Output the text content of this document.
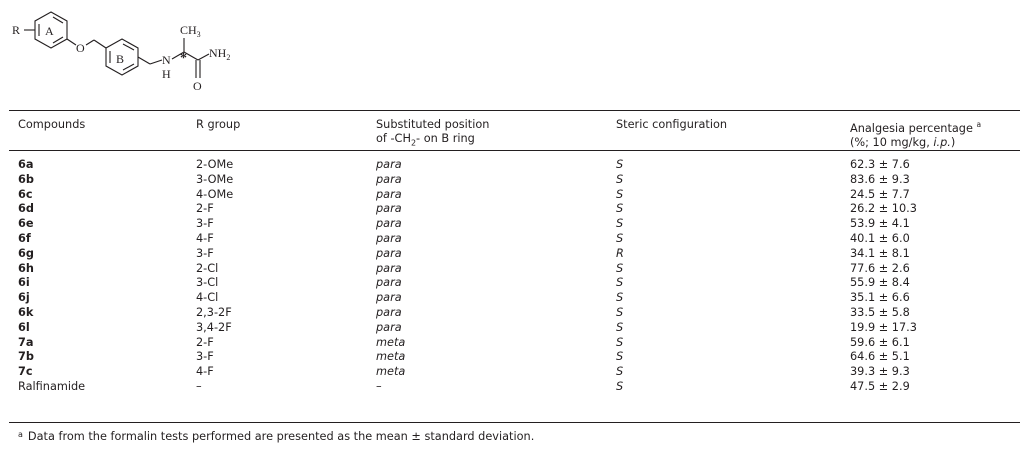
R A
O
B	N
H
*
$CH_3$
O
$NH_2$
Compounds	R group	Substituted position
of $-CH_2-$ on B ring
Steric configuration	Analgesia percentage $^a$
(%; 10 mg/kg, i.p.)
6a	2-OMe	para	S	62.3 ± 7.6
6b	3-OMe	para	S	83.6 ± 9.3
6c	4-OMe	para	S	24.5 ± 7.7
6d	2-F	para	S	26.2 ± 10.3
6e	3-F	para	S	53.9 ± 4.1
6f	4-F	para	S	40.1 ± 6.0
6g	3-F	para	R	34.1 ± 8.1
6h	2-Cl	para	S	77.6 ± 2.6
6i	3-Cl	para	S	55.9 ± 8.4
6j	4-Cl	para	S	35.1 ± 6.6
6k	2,3-2F	para	S	33.5 ± 5.8
6l	3,4-2F	para	S	19.9 ± 17.3
7a	2-F	meta	S	59.6 ± 6.1
7b	3-F	meta	S	64.6 ± 5.1
7c	4-F	meta	S	39.3 ± 9.3
Ralfinamide	–	–	S	47.5 ± 2.9
$^a$ Data from the formalin tests performed are presented as the mean ± standard deviation.
